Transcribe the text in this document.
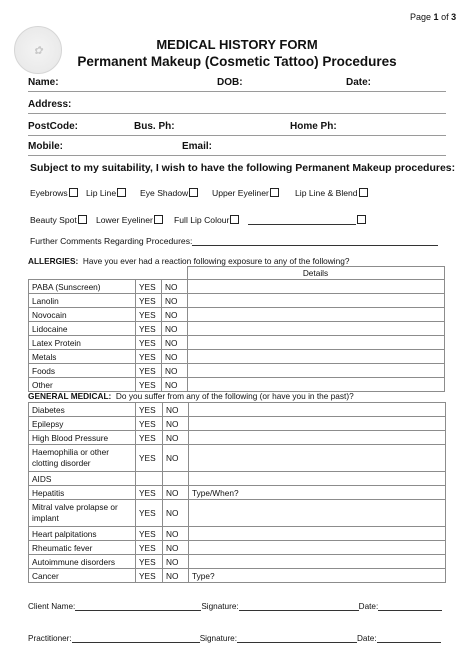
Page 1 of 3
✿	MEDICAL HISTORY FORM
Permanent Makeup (Cosmetic Tattoo) Procedures
Name:	DOB:	Date:
Address:
PostCode:	Bus. Ph:	Home Ph:
Mobile:	Email:
Subject to my suitability, I wish to have the following Permanent Makeup procedures:
Eyebrows	Lip Line	Eye Shadow	Upper Eyeliner	Lip Line & Blend
Beauty Spot	Lower Eyeliner	Full Lip Colour
Further Comments Regarding Procedures:
ALLERGIES: Have you ever had a reaction following exposure to any of the following?
			Details
PABA (Sunscreen)	YES	NO	
Lanolin	YES	NO	
Novocain	YES	NO	
Lidocaine	YES	NO	
Latex Protein	YES	NO	
Metals	YES	NO	
Foods	YES	NO	
Other	YES	NO	
GENERAL MEDICAL: Do you suffer from any of the following (or have you in the past)?
Diabetes	YES	NO	
Epilepsy	YES	NO	
High Blood Pressure	YES	NO	
Haemophilia or other clotting disorder	YES	NO	
AIDS			
Hepatitis	YES	NO	Type/When?
Mitral valve prolapse or implant	YES	NO	
Heart palpitations	YES	NO	
Rheumatic fever	YES	NO	
Autoimmune disorders	YES	NO	
Cancer	YES	NO	Type?
Client Name:	Signature:	Date:
Practitioner:	Signature:	Date:
